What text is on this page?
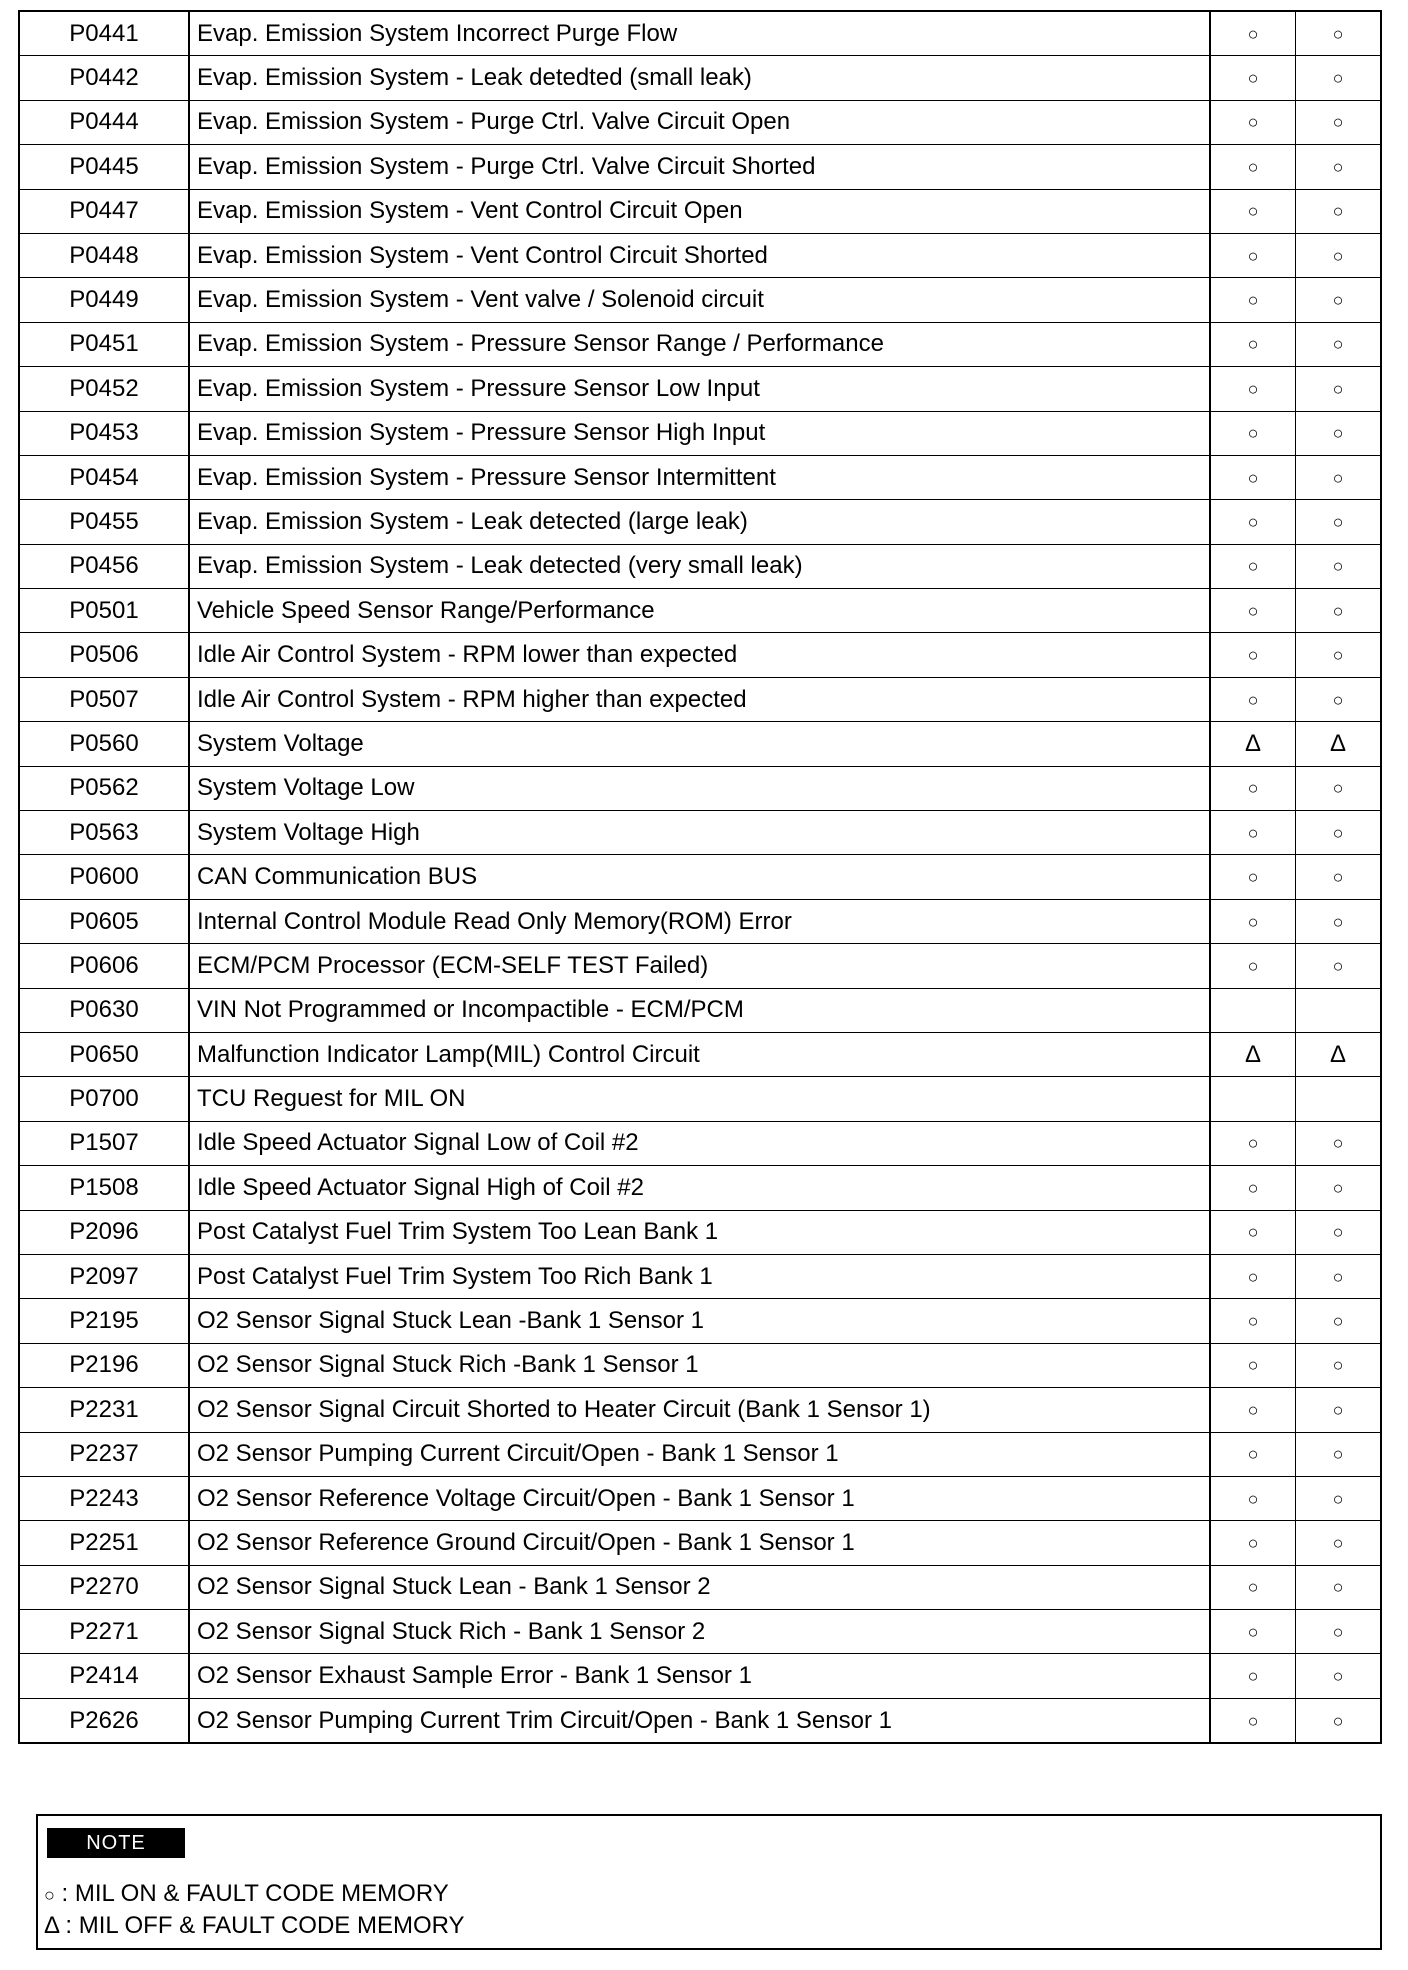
P0441	Evap. Emission System Incorrect Purge Flow	○	○
P0442	Evap. Emission System - Leak detedted (small leak)	○	○
P0444	Evap. Emission System - Purge Ctrl. Valve Circuit Open	○	○
P0445	Evap. Emission System - Purge Ctrl. Valve Circuit Shorted	○	○
P0447	Evap. Emission System - Vent Control Circuit Open	○	○
P0448	Evap. Emission System - Vent Control Circuit Shorted	○	○
P0449	Evap. Emission System - Vent valve / Solenoid circuit	○	○
P0451	Evap. Emission System - Pressure Sensor Range / Performance	○	○
P0452	Evap. Emission System - Pressure Sensor Low Input	○	○
P0453	Evap. Emission System - Pressure Sensor High Input	○	○
P0454	Evap. Emission System - Pressure Sensor Intermittent	○	○
P0455	Evap. Emission System - Leak detected (large leak)	○	○
P0456	Evap. Emission System - Leak detected (very small leak)	○	○
P0501	Vehicle Speed Sensor Range/Performance	○	○
P0506	Idle Air Control System - RPM lower than expected	○	○
P0507	Idle Air Control System - RPM higher than expected	○	○
P0560	System Voltage	Δ	Δ
P0562	System Voltage Low	○	○
P0563	System Voltage High	○	○
P0600	CAN Communication BUS	○	○
P0605	Internal Control Module Read Only Memory(ROM) Error	○	○
P0606	ECM/PCM Processor (ECM-SELF TEST Failed)	○	○
P0630	VIN Not Programmed or Incompactible - ECM/PCM		
P0650	Malfunction Indicator Lamp(MIL) Control Circuit	Δ	Δ
P0700	TCU Reguest for MIL ON		
P1507	Idle Speed Actuator Signal Low of Coil #2	○	○
P1508	Idle Speed Actuator Signal High of Coil #2	○	○
P2096	Post Catalyst Fuel Trim System Too Lean Bank 1	○	○
P2097	Post Catalyst Fuel Trim System Too Rich Bank 1	○	○
P2195	O2 Sensor Signal Stuck Lean -Bank 1 Sensor 1	○	○
P2196	O2 Sensor Signal Stuck Rich -Bank 1 Sensor 1	○	○
P2231	O2 Sensor Signal Circuit Shorted to Heater Circuit (Bank 1 Sensor 1)	○	○
P2237	O2 Sensor Pumping Current Circuit/Open - Bank 1 Sensor 1	○	○
P2243	O2 Sensor Reference Voltage Circuit/Open - Bank 1 Sensor 1	○	○
P2251	O2 Sensor Reference Ground Circuit/Open - Bank 1 Sensor 1	○	○
P2270	O2 Sensor Signal Stuck Lean - Bank 1 Sensor 2	○	○
P2271	O2 Sensor Signal Stuck Rich - Bank 1 Sensor 2	○	○
P2414	O2 Sensor Exhaust Sample Error - Bank 1 Sensor 1	○	○
P2626	O2 Sensor Pumping Current Trim Circuit/Open - Bank 1 Sensor 1	○	○
NOTE
○ : MIL ON & FAULT CODE MEMORY
Δ : MIL OFF & FAULT CODE MEMORY
